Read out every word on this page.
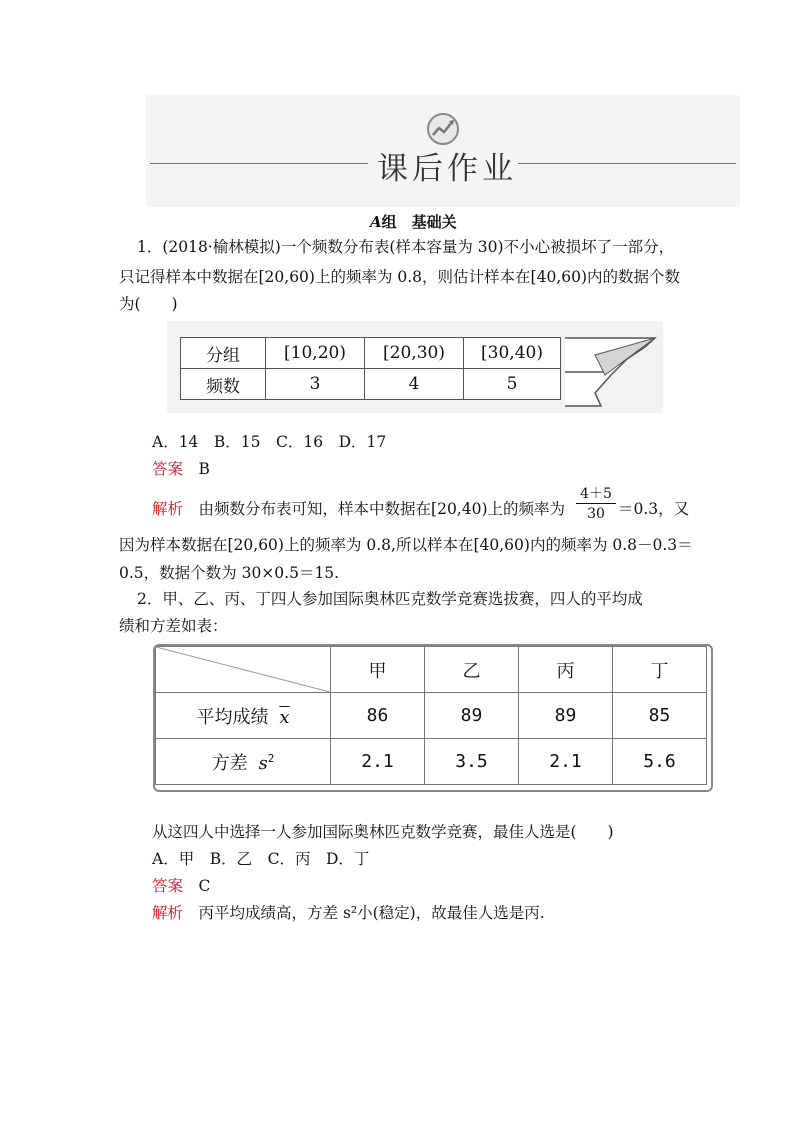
课后作业
A组　基础关
1．(2018·榆林模拟)一个频数分布表(样本容量为 30)不小心被损坏了一部分，
只记得样本中数据在[20,60)上的频率为 0.8，则估计样本在[40,60)内的数据个数
为(　　)
分组	[10,20)	[20,30)	[30,40)
频数	3	4	5
A．14　B．15　C．16　D．17
答案　 B
解析　 由频数分布表可知，样本中数据在[20,40)上的频率为 $\frac{4+5}{30} =0.3$，又
因为样本数据在[20,60)上的频率为 0.8,所以样本在[40,60)内的频率为 0.8－0.3＝
0.5，数据个数为 30×0.5＝15.
2．甲、乙、丙、丁四人参加国际奥林匹克数学竞赛选拔赛，四人的平均成
绩和方差如表：
	甲	乙	丙	丁
平均成绩 $\overline{x}$	86	89	89	85
方差 $s^2$	2.1	3.5	2.1	5.6
从这四人中选择一人参加国际奥林匹克数学竞赛，最佳人选是(　　)
A．甲　B．乙　C．丙　D．丁
答案　 C
解析　 丙平均成绩高，方差 s²小(稳定)，故最佳人选是丙.
